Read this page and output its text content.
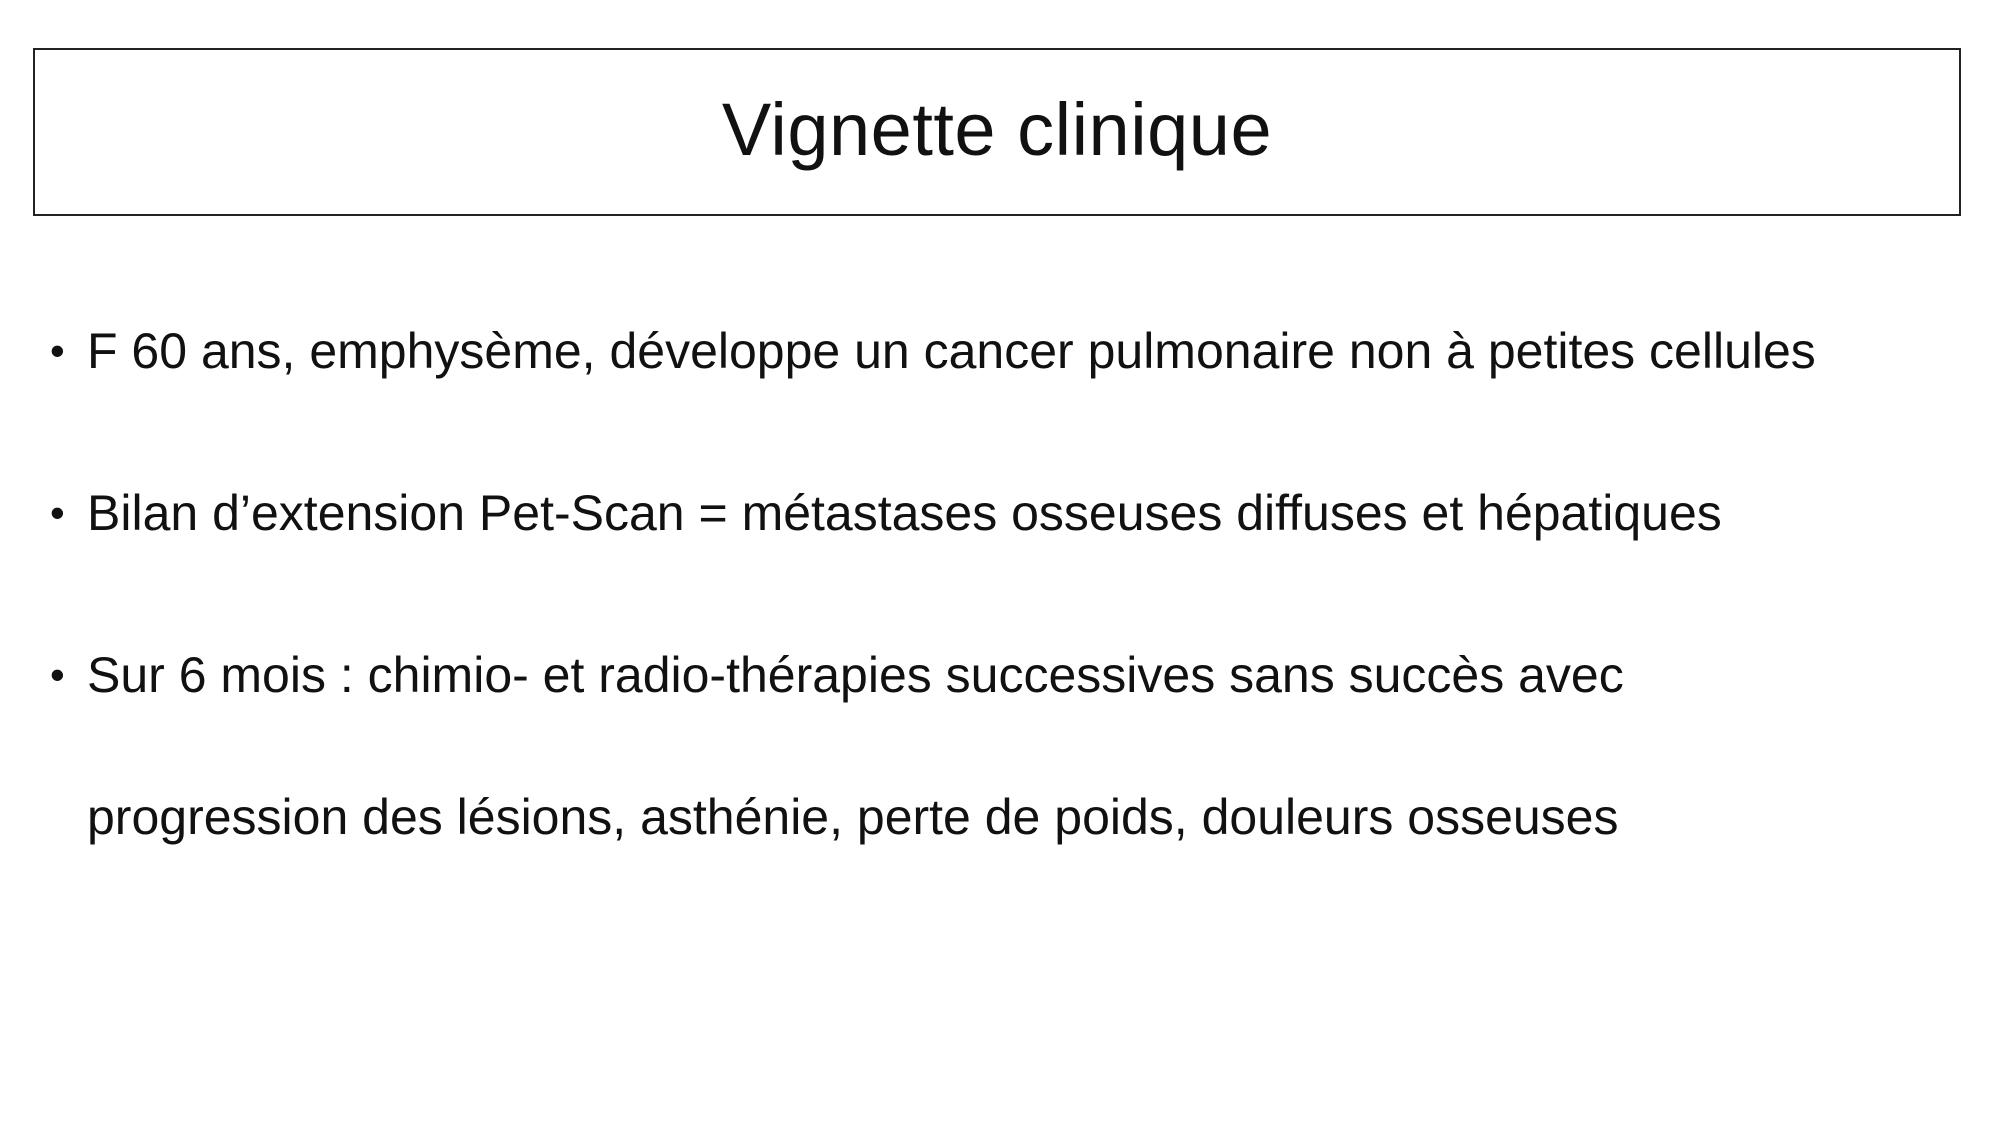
Vignette clinique
• F 60 ans, emphysème, développe un cancer pulmonaire non à petites cellules
• Bilan d’extension Pet-Scan = métastases osseuses diffuses et hépatiques
• Sur 6 mois : chimio- et radio-thérapies successives sans succès avec
progression des lésions, asthénie, perte de poids, douleurs osseuses
